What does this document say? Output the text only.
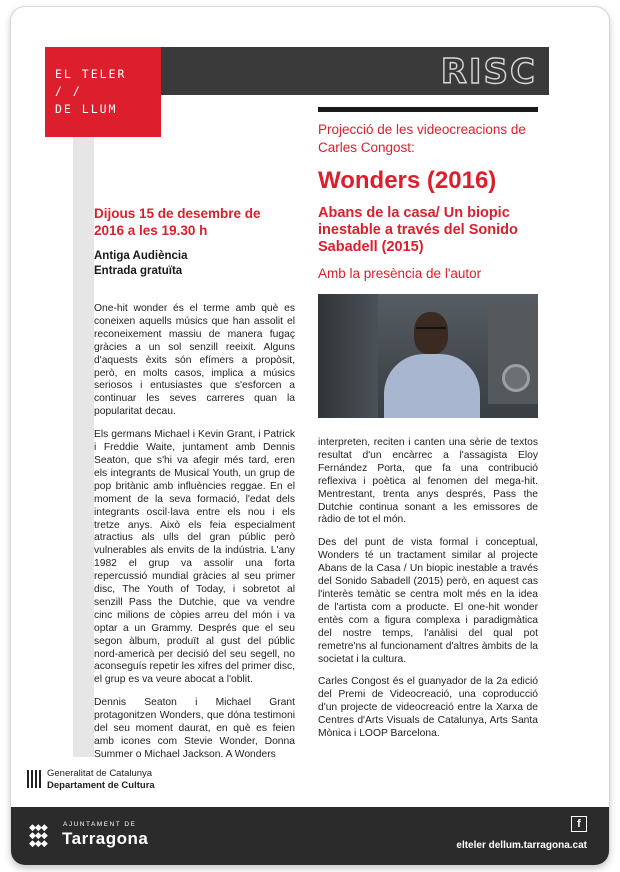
EL TELER
/ /
DE LLUM
RISC
Projecció de les videocreacions de Carles Congost:
Wonders (2016)
Abans de la casa/ Un biopic inestable a través del Sonido Sabadell (2015)
Amb la presència de l'autor
Dijous 15 de desembre de 2016 a les 19.30 h
Antiga Audiència
Entrada gratuïta

One-hit wonder és el terme amb què es coneixen aquells músics que han assolit el reconeixement massiu de manera fugaç gràcies a un sol senzill reeixit. Alguns d'aquests èxits són efímers a propòsit, però, en molts casos, implica a músics seriosos i entusiastes que s'esforcen a continuar les seves carreres quan la popularitat decau.

Els germans Michael i Kevin Grant, i Patrick i Freddie Waite, juntament amb Dennis Seaton, que s'hi va afegir més tard, eren els integrants de Musical Youth, un grup de pop britànic amb influències reggae. En el moment de la seva formació, l'edat dels integrants oscil·lava entre els nou i els tretze anys. Això els feia especialment atractius als ulls del gran públic però vulnerables als envits de la indústria. L'any 1982 el grup va assolir una forta repercussió mundial gràcies al seu primer disc, The Youth of Today, i sobretot al senzill Pass the Dutchie, que va vendre cinc milions de còpies arreu del món i va optar a un Grammy. Després que el seu segon àlbum, produït al gust del públic nord-americà per decisió del seu segell, no aconseguís repetir les xifres del primer disc, el grup es va veure abocat a l'oblit.

Dennis Seaton i Michael Grant protagonitzen Wonders, que dóna testimoni del seu moment daurat, en què es feien amb icones com Stevie Wonder, Donna Summer o Michael Jackson. A Wonders

interpreten, reciten i canten una sèrie de textos resultat d'un encàrrec a l'assagista Eloy Fernández Porta, que fa una contribució reflexiva i poètica al fenomen del mega-hit. Mentrestant, trenta anys després, Pass the Dutchie continua sonant a les emissores de ràdio de tot el món.

Des del punt de vista formal i conceptual, Wonders té un tractament similar al projecte Abans de la Casa / Un biopic inestable a través del Sonido Sabadell (2015) però, en aquest cas l'interès temàtic se centra molt més en la idea de l'artista com a producte. El one-hit wonder entès com a figura complexa i paradigmàtica del nostre temps, l'anàlisi del qual pot remetre'ns al funcionament d'altres àmbits de la societat i la cultura.

Carles Congost és el guanyador de la 2a edició del Premi de Videocreació, una coproducció d'un projecte de videocreació entre la Xarxa de Centres d'Arts Visuals de Catalunya, Arts Santa Mònica i LOOP Barcelona.

Generalitat de Catalunya
Departament de Cultura
◆◆◆
◆◆◆
◆◆◆
AJUNTAMENT DE
Tarragona
f
elteler dellum.tarragona.cat
